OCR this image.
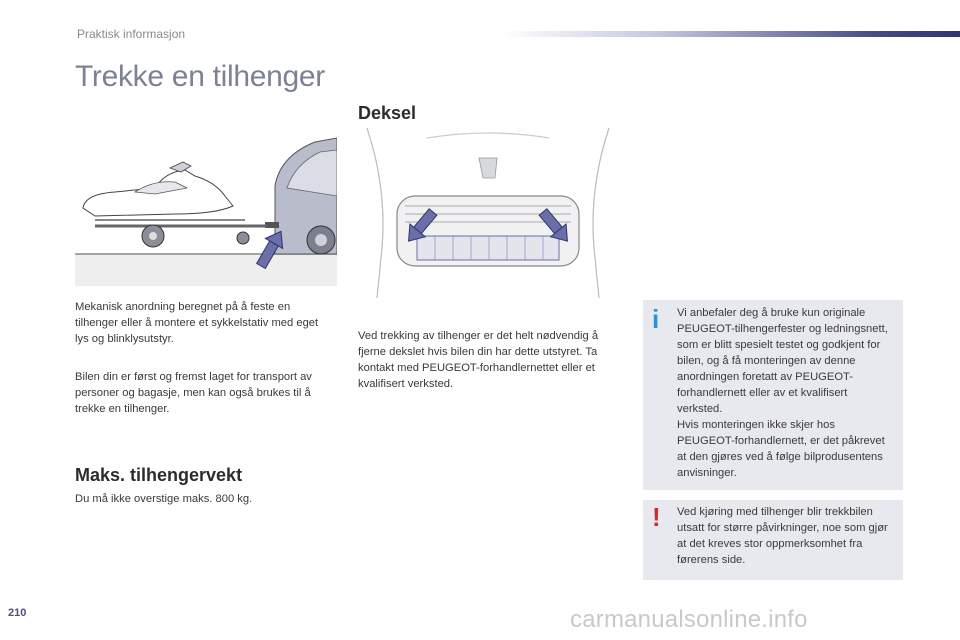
Praktisk informasjon
Trekke en tilhenger

Mekanisk anordning beregnet på å feste en tilhenger eller å montere et sykkelstativ med eget lys og blinklysutstyr.

Bilen din er først og fremst laget for transport av personer og bagasje, men kan også brukes til å trekke en tilhenger.

Maks. tilhengervekt

Du må ikke overstige maks. 800 kg.

Deksel

Ved trekking av tilhenger er det helt nødvendig å fjerne dekslet hvis bilen din har dette utstyret. Ta kontakt med PEUGEOT-forhandlernettet eller et kvalifisert verksted.

i Vi anbefaler deg å bruke kun originale PEUGEOT-tilhengerfester og ledningsnett, som er blitt spesielt testet og godkjent for bilen, og å få monteringen av denne anordningen foretatt av PEUGEOT-forhandlernett eller av et kvalifisert verksted.

Hvis monteringen ikke skjer hos PEUGEOT-forhandlernett, er det påkrevet at den gjøres ved å følge bilprodusentens anvisninger.

! Ved kjøring med tilhenger blir trekkbilen utsatt for større påvirkninger, noe som gjør at det kreves stor oppmerksomhet fra førerens side.

210	carmanualsonline.info
